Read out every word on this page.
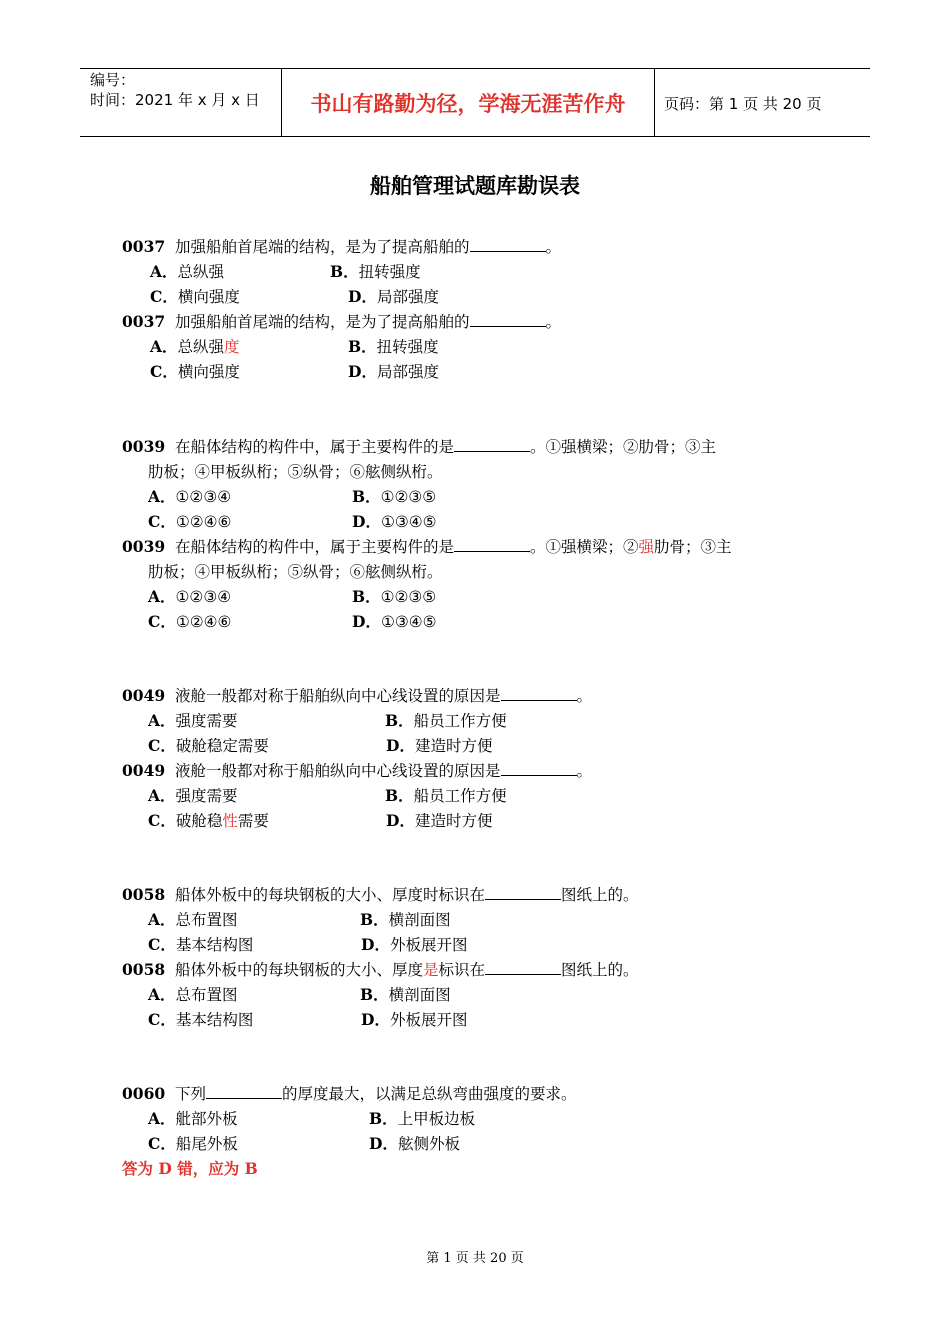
编号：
时间：2021 年 x 月 x 日	书山有路勤为径，学海无涯苦作舟	页码：第 1 页 共 20 页
船舶管理试题库勘误表
0037 加强船舶首尾端的结构，是为了提高船舶的	。
A．总纵强	B．扭转强度
C．横向强度	D．局部强度
0037 加强船舶首尾端的结构，是为了提高船舶的	。
A．总纵强度	B．扭转强度
C．横向强度	D．局部强度
0039 在船体结构的构件中，属于主要构件的是	。①强横梁；②肋骨；③主
肋板；④甲板纵桁；⑤纵骨；⑥舷侧纵桁。
A．①②③④	B．①②③⑤
C．①②④⑥	D．①③④⑤
0039 在船体结构的构件中，属于主要构件的是	。①强横梁；②强肋骨；③主
肋板；④甲板纵桁；⑤纵骨；⑥舷侧纵桁。
A．①②③④	B．①②③⑤
C．①②④⑥	D．①③④⑤
0049 液舱一般都对称于船舶纵向中心线设置的原因是	。
A．强度需要	B．船员工作方便
C．破舱稳定需要	D．建造时方便
0049 液舱一般都对称于船舶纵向中心线设置的原因是	。
A．强度需要	B．船员工作方便
C．破舱稳性需要	D．建造时方便
0058 船体外板中的每块钢板的大小、厚度时标识在	图纸上的。
A．总布置图	B．横剖面图
C．基本结构图	D．外板展开图
0058 船体外板中的每块钢板的大小、厚度是标识在	图纸上的。
A．总布置图	B．横剖面图
C．基本结构图	D．外板展开图
0060 下列	的厚度最大，以满足总纵弯曲强度的要求。
A．舭部外板	B．上甲板边板
C．船尾外板	D．舷侧外板
答为 D 错，应为 B
第 1 页 共 20 页
